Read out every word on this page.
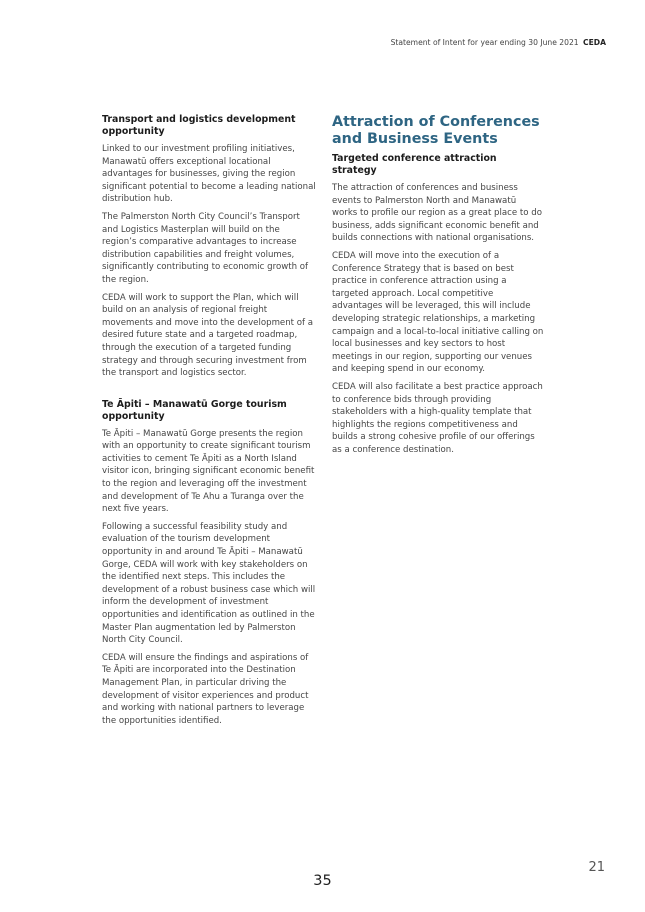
Statement of Intent for year ending 30 June 2021 CEDA
Transport and logistics development opportunity

Linked to our investment profiling initiatives, Manawatū offers exceptional locational advantages for businesses, giving the region significant potential to become a leading national distribution hub.

The Palmerston North City Council’s Transport and Logistics Masterplan will build on the region’s comparative advantages to increase distribution capabilities and freight volumes, significantly contributing to economic growth of the region.

CEDA will work to support the Plan, which will build on an analysis of regional freight movements and move into the development of a desired future state and a targeted roadmap, through the execution of a targeted funding strategy and through securing investment from the transport and logistics sector.

Te Āpiti – Manawatū Gorge tourism opportunity

Te Āpiti – Manawatū Gorge presents the region with an opportunity to create significant tourism activities to cement Te Āpiti as a North Island visitor icon, bringing significant economic benefit to the region and leveraging off the investment and development of Te Ahu a Turanga over the next five years.

Following a successful feasibility study and evaluation of the tourism development opportunity in and around Te Āpiti – Manawatū Gorge, CEDA will work with key stakeholders on the identified next steps. This includes the development of a robust business case which will inform the development of investment opportunities and identification as outlined in the Master Plan augmentation led by Palmerston North City Council.

CEDA will ensure the findings and aspirations of Te Āpiti are incorporated into the Destination Management Plan, in particular driving the development of visitor experiences and product and working with national partners to leverage the opportunities identified.

Attraction of Conferences and Business Events
Targeted conference attraction strategy

The attraction of conferences and business events to Palmerston North and Manawatū works to profile our region as a great place to do business, adds significant economic benefit and builds connections with national organisations.

CEDA will move into the execution of a Conference Strategy that is based on best practice in conference attraction using a targeted approach. Local competitive advantages will be leveraged, this will include developing strategic relationships, a marketing campaign and a local-to-local initiative calling on local businesses and key sectors to host meetings in our region, supporting our venues and keeping spend in our economy.

CEDA will also facilitate a best practice approach to conference bids through providing stakeholders with a high-quality template that highlights the regions competitiveness and builds a strong cohesive profile of our offerings as a conference destination.

21
35
